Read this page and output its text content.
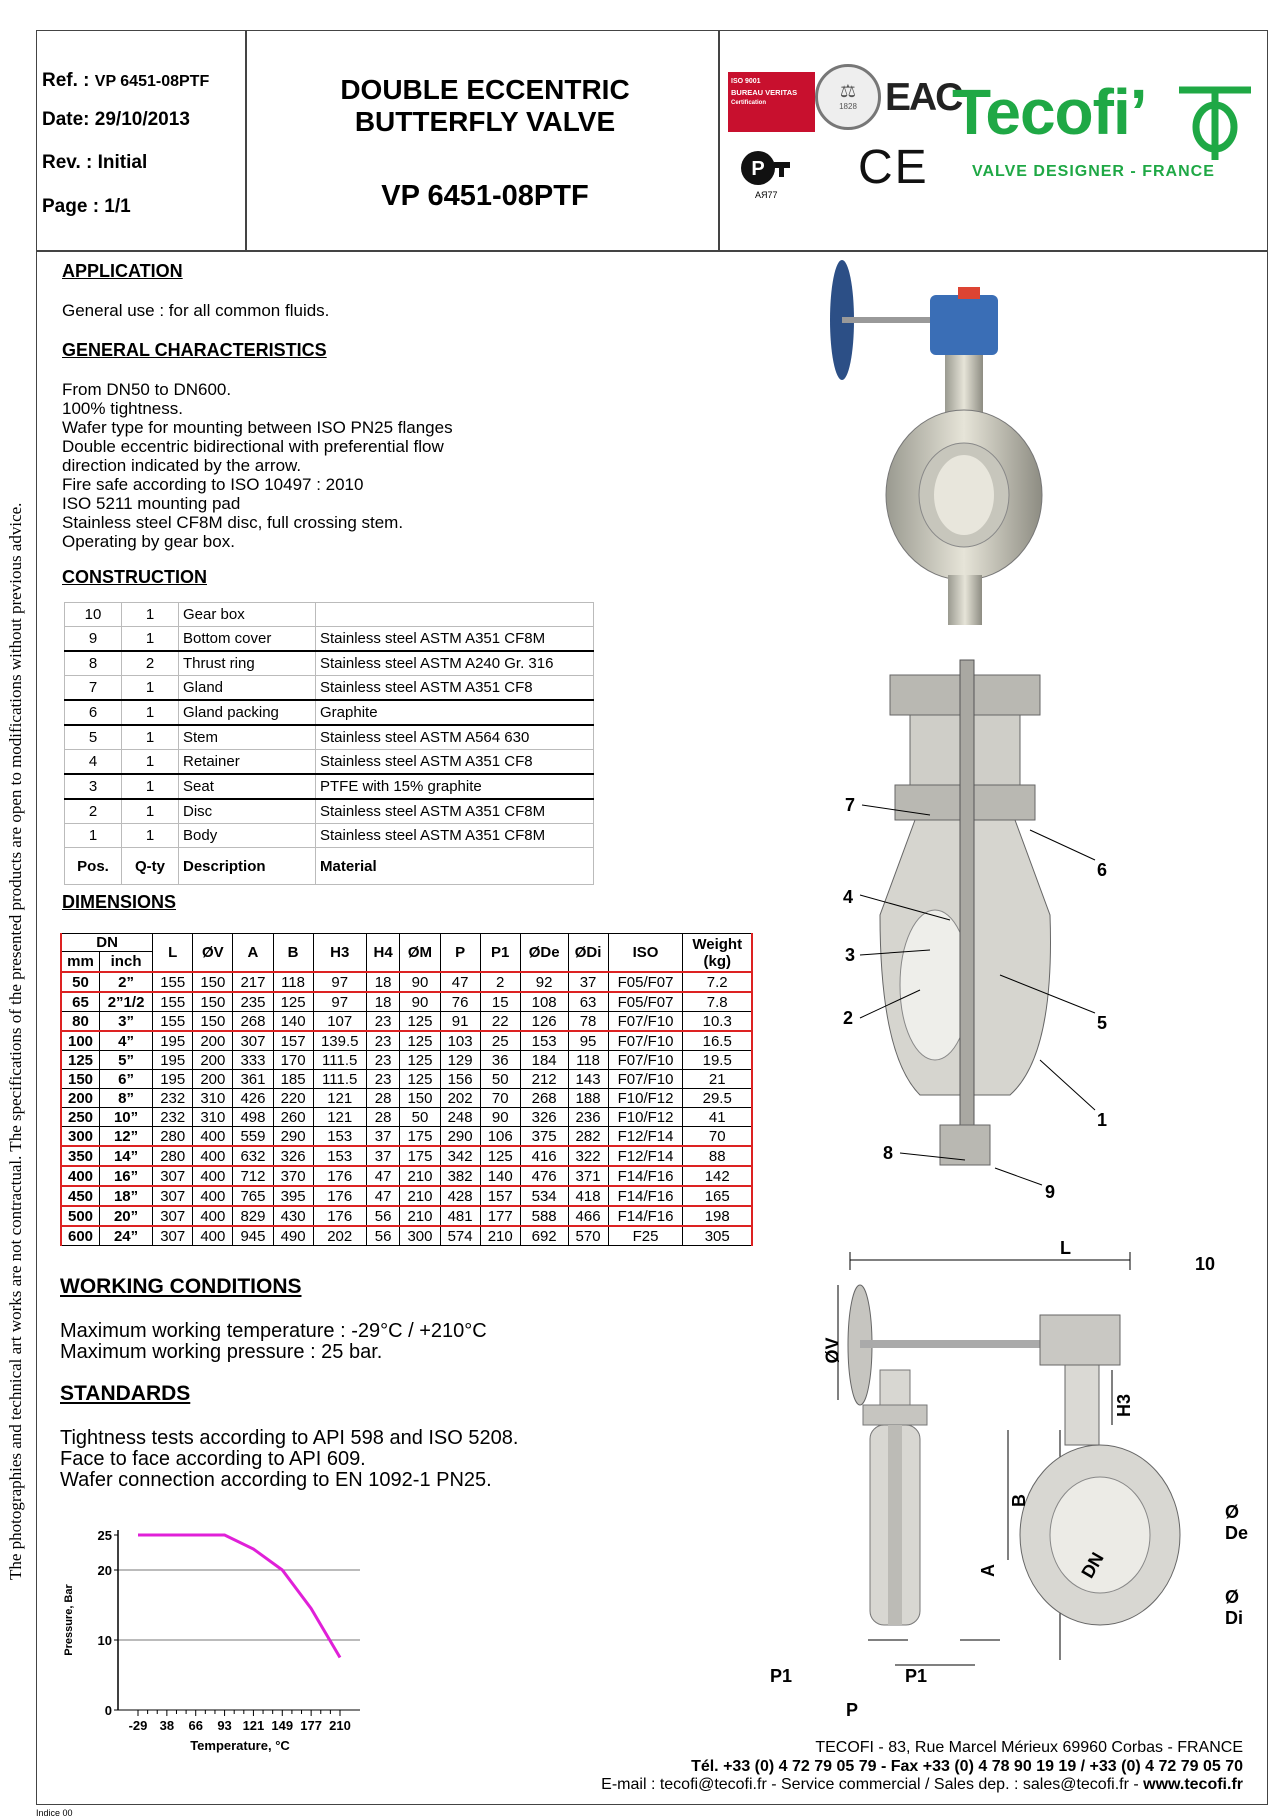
Ref. : VP 6451-08PTF
Date: 29/10/2013
Rev. : Initial
Page : 1/1
DOUBLE ECCENTRIC
BUTTERFLY VALVE
VP 6451-08PTF
ISO 9001
BUREAU VERITAS
Certification
⚖
1828 EAC
P
АЯ77
CE
Tecofi’
VALVE DESIGNER - FRANCE
The photographies and technical art works are not contractual. The specifications of the presented products are open to modifications without previous advice.
APPLICATION
General use : for all common fluids.
GENERAL CHARACTERISTICS
From DN50 to DN600.
100% tightness.
Wafer type for mounting between ISO PN25 flanges
Double eccentric bidirectional with preferential flow
direction indicated by the arrow.
Fire safe according to ISO 10497 : 2010
ISO 5211 mounting pad
Stainless steel CF8M disc, full crossing stem.
Operating by gear box.
CONSTRUCTION
10	1	Gear box	
9	1	Bottom cover	Stainless steel ASTM A351 CF8M
8	2	Thrust ring	Stainless steel ASTM A240 Gr. 316
7	1	Gland	Stainless steel ASTM A351 CF8
6	1	Gland packing	Graphite
5	1	Stem	Stainless steel ASTM A564 630
4	1	Retainer	Stainless steel ASTM A351 CF8
3	1	Seat	PTFE with 15% graphite
2	1	Disc	Stainless steel ASTM A351 CF8M
1	1	Body	Stainless steel ASTM A351 CF8M
Pos.	Q-ty	Description	Material
DIMENSIONS
DN		L	ØV	A	B	H3	H4	ØM	P	P1	ØDe	ØDi	ISO	Weight (kg)
mm	inch													
50	2”	155	150	217	118	97	18	90	47	2	92	37	F05/F07	7.2
65	2”1/2	155	150	235	125	97	18	90	76	15	108	63	F05/F07	7.8
80	3”	155	150	268	140	107	23	125	91	22	126	78	F07/F10	10.3
100	4”	195	200	307	157	139.5	23	125	103	25	153	95	F07/F10	16.5
125	5”	195	200	333	170	111.5	23	125	129	36	184	118	F07/F10	19.5
150	6”	195	200	361	185	111.5	23	125	156	50	212	143	F07/F10	21
200	8”	232	310	426	220	121	28	150	202	70	268	188	F10/F12	29.5
250	10”	232	310	498	260	121	28	50	248	90	326	236	F10/F12	41
300	12”	280	400	559	290	153	37	175	290	106	375	282	F12/F14	70
350	14”	280	400	632	326	153	37	175	342	125	416	322	F12/F14	88
400	16”	307	400	712	370	176	47	210	382	140	476	371	F14/F16	142
450	18”	307	400	765	395	176	47	210	428	157	534	418	F14/F16	165
500	20”	307	400	829	430	176	56	210	481	177	588	466	F14/F16	198
600	24”	307	400	945	490	202	56	300	574	210	692	570	F25	305
WORKING CONDITIONS
Maximum working temperature : -29°C / +210°C
Maximum working pressure : 25 bar.
STANDARDS
Tightness tests according to API 598 and ISO 5208.
Face to face according to API 609.
Wafer connection according to EN 1092-1 PN25.
0
10
20
25
-29 38 66 93 121 149 177 210
Pressure, Bar
Temperature, °C
7
6
4
3
2	5
1
8
9
10
L
ØV
H3
B
A
Ø De
Ø Di
DN
P1	P1
P
TECOFI - 83, Rue Marcel Mérieux 69960 Corbas - FRANCE
Tél. +33 (0) 4 72 79 05 79 - Fax +33 (0) 4 78 90 19 19 / +33 (0) 4 72 79 05 70
E-mail : tecofi@tecofi.fr - Service commercial / Sales dep. : sales@tecofi.fr - www.tecofi.fr
Indice 00
